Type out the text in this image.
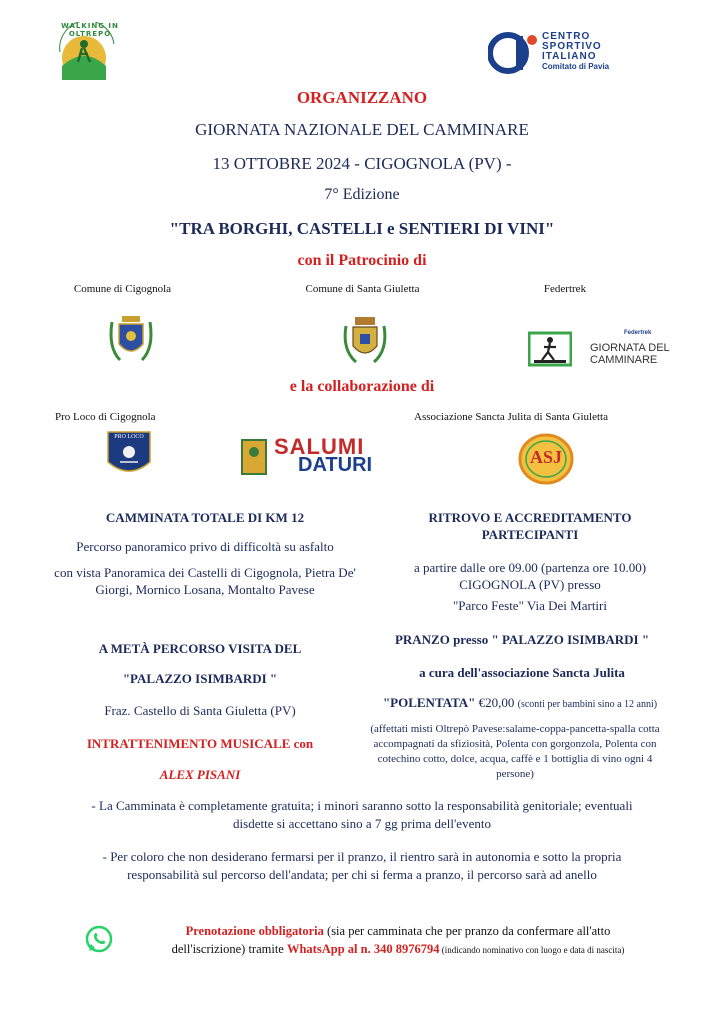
WALKING IN OLTREPO	CENTRO
SPORTIVO
ITALIANO
Comitato di Pavia
ORGANIZZANO
GIORNATA NAZIONALE DEL CAMMINARE
13 OTTOBRE 2024 - CIGOGNOLA (PV) -
7° Edizione
"TRA BORGHI, CASTELLI e SENTIERI DI VINI"
con il Patrocinio di
Comune di Cigognola	Comune di Santa Giuletta	Federtrek
Federtrek
GIORNATA DEL
CAMMINARE
e la collaborazione di
Pro Loco di Cigognola	Associazione Sancta Julita di Santa Giuletta
PRO LOCO	SALUMI
DATURI	ASJ
CAMMINATA TOTALE DI KM 12
Percorso panoramico privo di difficoltà su asfalto
con vista Panoramica dei Castelli di Cigognola, Pietra De' Giorgi, Mornico Losana, Montalto Pavese
A METÀ PERCORSO VISITA DEL
"PALAZZO ISIMBARDI "
Fraz. Castello di Santa Giuletta (PV)
INTRATTENIMENTO MUSICALE con
ALEX PISANI
RITROVO E ACCREDITAMENTO PARTECIPANTI
a partire dalle ore 09.00 (partenza ore 10.00) CIGOGNOLA (PV) presso
"Parco Feste" Via Dei Martiri
PRANZO presso " PALAZZO ISIMBARDI "
a cura dell'associazione Sancta Julita
"POLENTATA" €20,00 (sconti per bambini sino a 12 anni)
(affettati misti Oltrepò Pavese:salame-coppa-pancetta-spalla cotta accompagnati da sfiziosità, Polenta con gorgonzola, Polenta con cotechino cotto, dolce, acqua, caffè e 1 bottiglia di vino ogni 4 persone)
- La Camminata è completamente gratuita; i minori saranno sotto la responsabilità genitoriale; eventuali disdette si accettano sino a 7 gg prima dell'evento
- Per coloro che non desiderano fermarsi per il pranzo, il rientro sarà in autonomia e sotto la propria responsabilità sul percorso dell'andata; per chi si ferma a pranzo, il percorso sarà ad anello
Prenotazione obbligatoria (sia per camminata che per pranzo da confermare all'atto dell'iscrizione) tramite WhatsApp al n. 340 8976794 (indicando nominativo con luogo e data di nascita)
